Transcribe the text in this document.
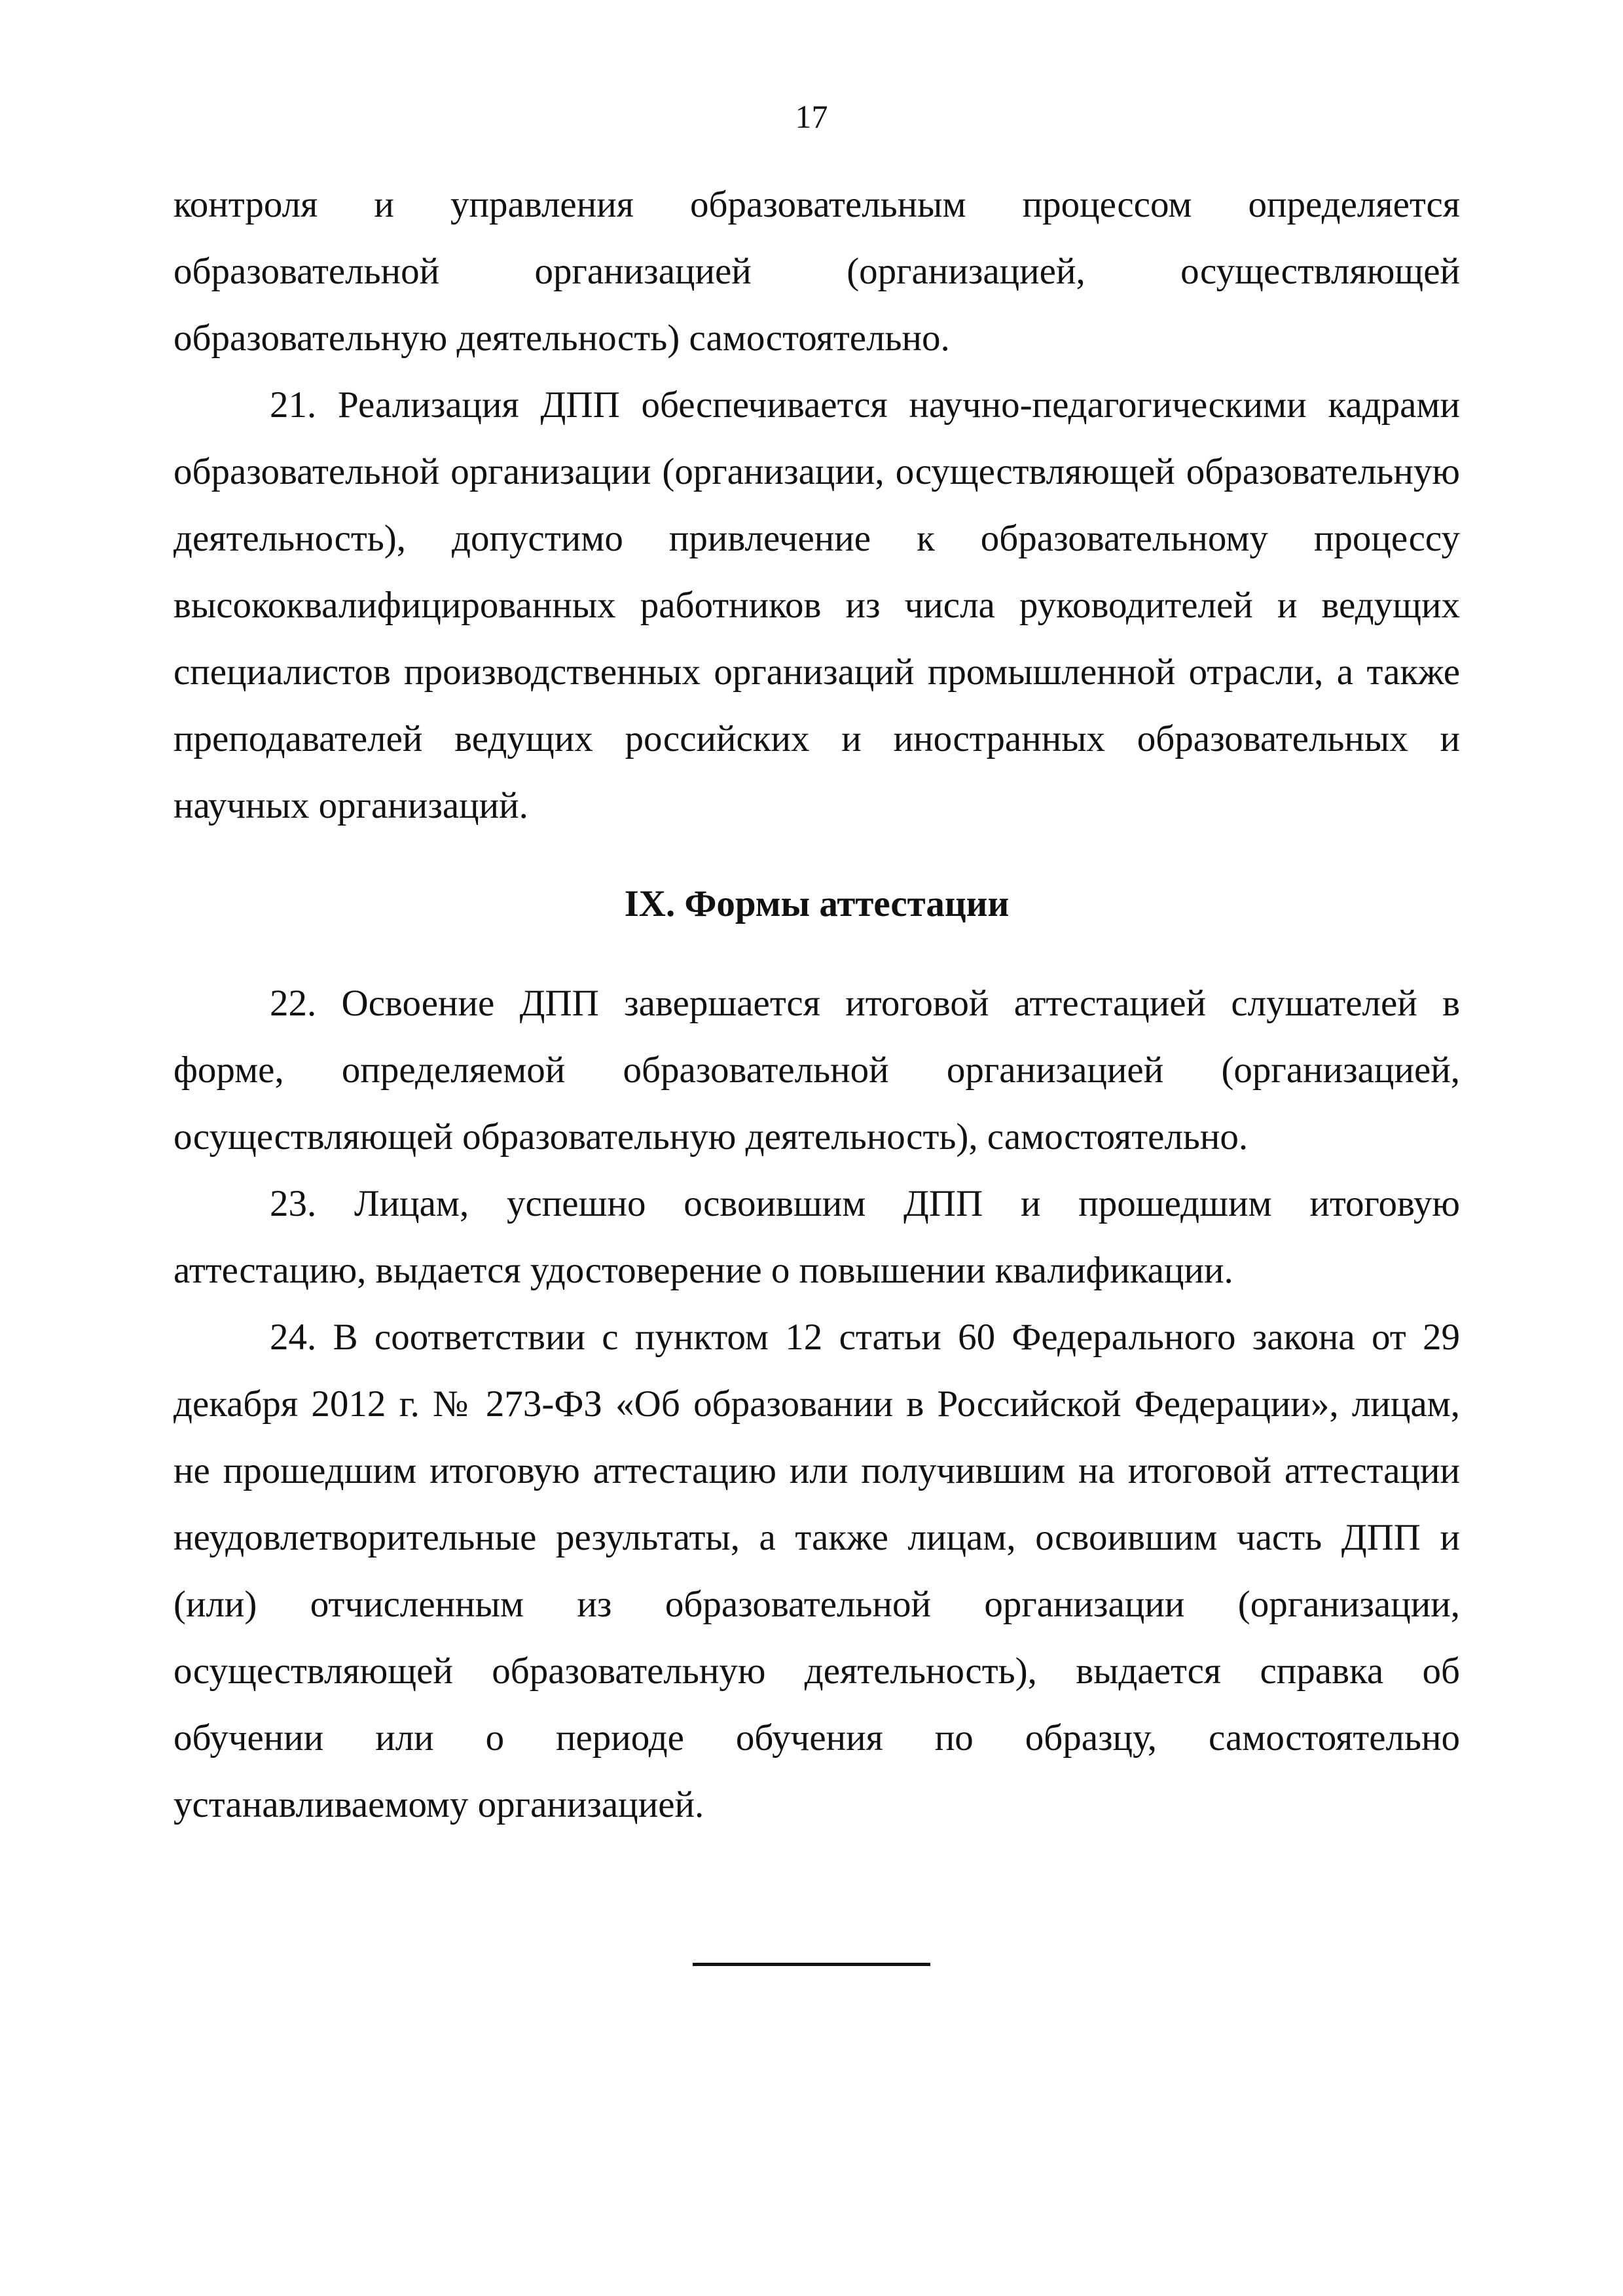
17

контроля и управления образовательным процессом определяется образовательной организацией (организацией, осуществляющей образовательную деятельность) самостоятельно.

21. Реализация ДПП обеспечивается научно-педагогическими кадрами образовательной организации (организации, осуществляющей образовательную деятельность), допустимо привлечение к образовательному процессу высококвалифицированных работников из числа руководителей и ведущих специалистов производственных организаций промышленной отрасли, а также преподавателей ведущих российских и иностранных образовательных и научных организаций.

IX. Формы аттестации

22. Освоение ДПП завершается итоговой аттестацией слушателей в форме, определяемой образовательной организацией (организацией, осуществляющей образовательную деятельность), самостоятельно.

23. Лицам, успешно освоившим ДПП и прошедшим итоговую аттестацию, выдается удостоверение о повышении квалификации.

24. В соответствии с пунктом 12 статьи 60 Федерального закона от 29 декабря 2012 г. № 273-ФЗ «Об образовании в Российской Федерации», лицам, не прошедшим итоговую аттестацию или получившим на итоговой аттестации неудовлетворительные результаты, а также лицам, освоившим часть ДПП и (или) отчисленным из образовательной организации (организации, осуществляющей образовательную деятельность), выдается справка об обучении или о периоде обучения по образцу, самостоятельно устанавливаемому организацией.
